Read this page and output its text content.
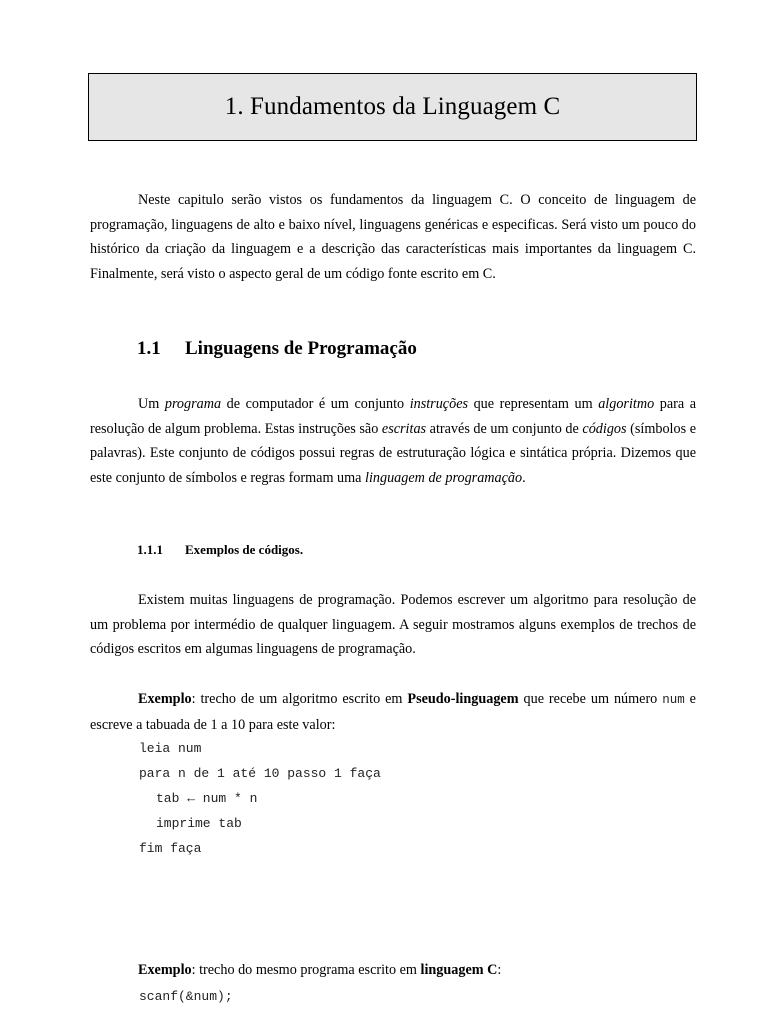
1. Fundamentos da Linguagem C

Neste capitulo serão vistos os fundamentos da linguagem C. O conceito de linguagem de programação, linguagens de alto e baixo nível, linguagens genéricas e especificas. Será visto um pouco do histórico da criação da linguagem e a descrição das características mais importantes da linguagem C. Finalmente, será visto o aspecto geral de um código fonte escrito em C.

1.1 Linguagens de Programação

Um programa de computador é um conjunto instruções que representam um algoritmo para a resolução de algum problema. Estas instruções são escritas através de um conjunto de códigos (símbolos e palavras). Este conjunto de códigos possui regras de estruturação lógica e sintática própria. Dizemos que este conjunto de símbolos e regras formam uma linguagem de programação.

1.1.1 Exemplos de códigos.

Existem muitas linguagens de programação. Podemos escrever um algoritmo para resolução de um problema por intermédio de qualquer linguagem. A seguir mostramos alguns exemplos de trechos de códigos escritos em algumas linguagens de programação.

Exemplo: trecho de um algoritmo escrito em Pseudo-linguagem que recebe um número num e escreve a tabuada de 1 a 10 para este valor:

leia num
para n de 1 até 10 passo 1 faça
tab ← num * n
imprime tab
fim faça

Exemplo: trecho do mesmo programa escrito em linguagem C:

scanf(&num);
